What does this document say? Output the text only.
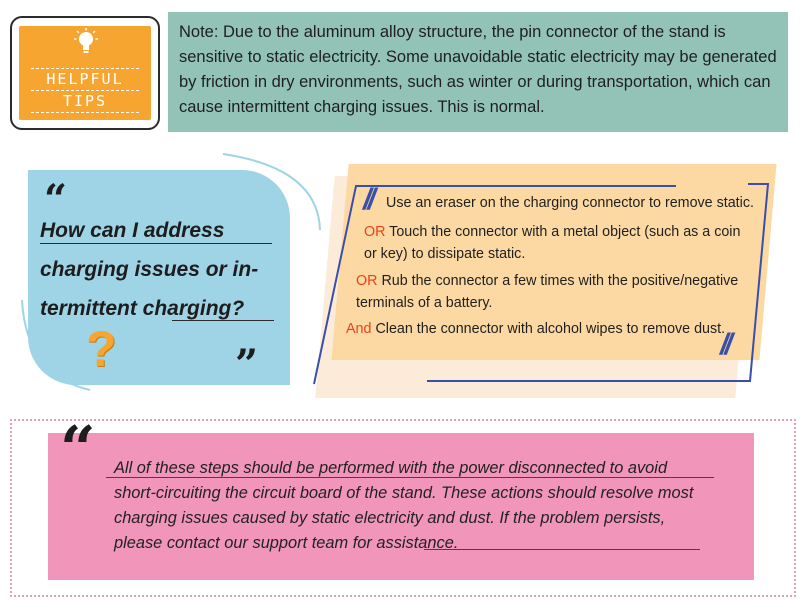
HELPFUL
TIPS
Note: Due to the aluminum alloy structure, the pin connector of the stand is sensitive to static electricity. Some unavoidable static electricity may be generated by friction in dry environments, such as winter or during transportation, which can cause intermittent charging issues. This is normal.
“
How can I address
charging issues or in-
termittent charging?
?	”
// Use an eraser on the charging connector to remove static.
OR Touch the connector with a metal object (such as a coin
or key) to dissipate static.
OR Rub the connector a few times with the positive/negative
terminals of a battery.
And Clean the connector with alcohol wipes to remove dust.
//
“ All of these steps should be performed with the power disconnected to avoid
short-circuiting the circuit board of the stand. These actions should resolve most
charging issues caused by static electricity and dust. If the problem persists,
please contact our support team for assistance.
